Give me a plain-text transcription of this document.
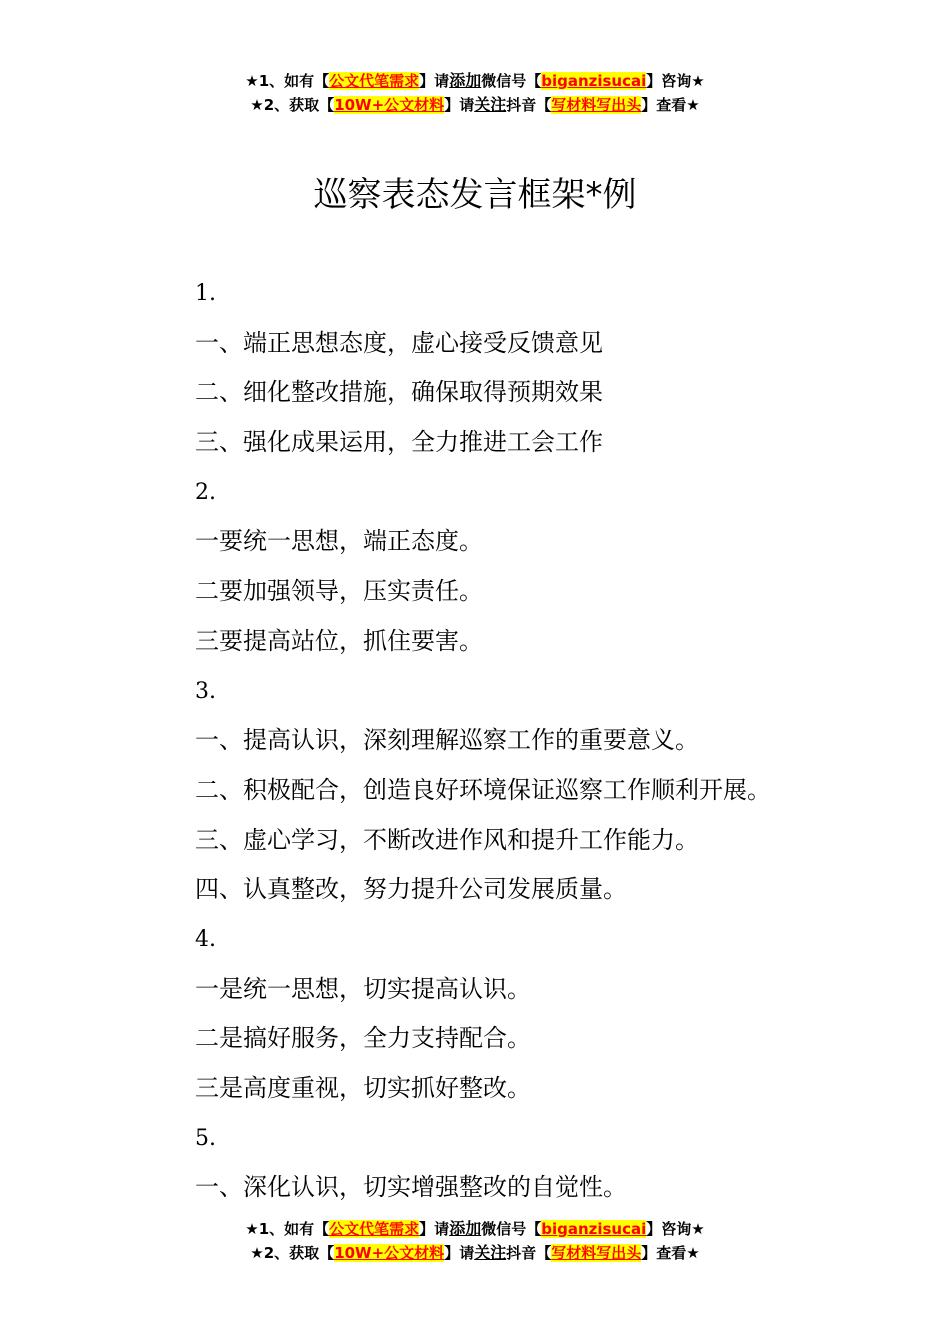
★1、如有【公文代笔需求】请添加微信号【biganzisucai】咨询★
★2、获取【10W+公文材料】请关注抖音【写材料写出头】查看★
巡察表态发言框架*例
1.
一、端正思想态度，虚心接受反馈意见
二、细化整改措施，确保取得预期效果
三、强化成果运用，全力推进工会工作
2.
一要统一思想，端正态度。
二要加强领导，压实责任。
三要提高站位，抓住要害。
3.
一、提高认识，深刻理解巡察工作的重要意义。
二、积极配合，创造良好环境保证巡察工作顺利开展。
三、虚心学习，不断改进作风和提升工作能力。
四、认真整改，努力提升公司发展质量。
4.
一是统一思想，切实提高认识。
二是搞好服务，全力支持配合。
三是高度重视，切实抓好整改。
5.
一、深化认识，切实增强整改的自觉性。
★1、如有【公文代笔需求】请添加微信号【biganzisucai】咨询★
★2、获取【10W+公文材料】请关注抖音【写材料写出头】查看★
